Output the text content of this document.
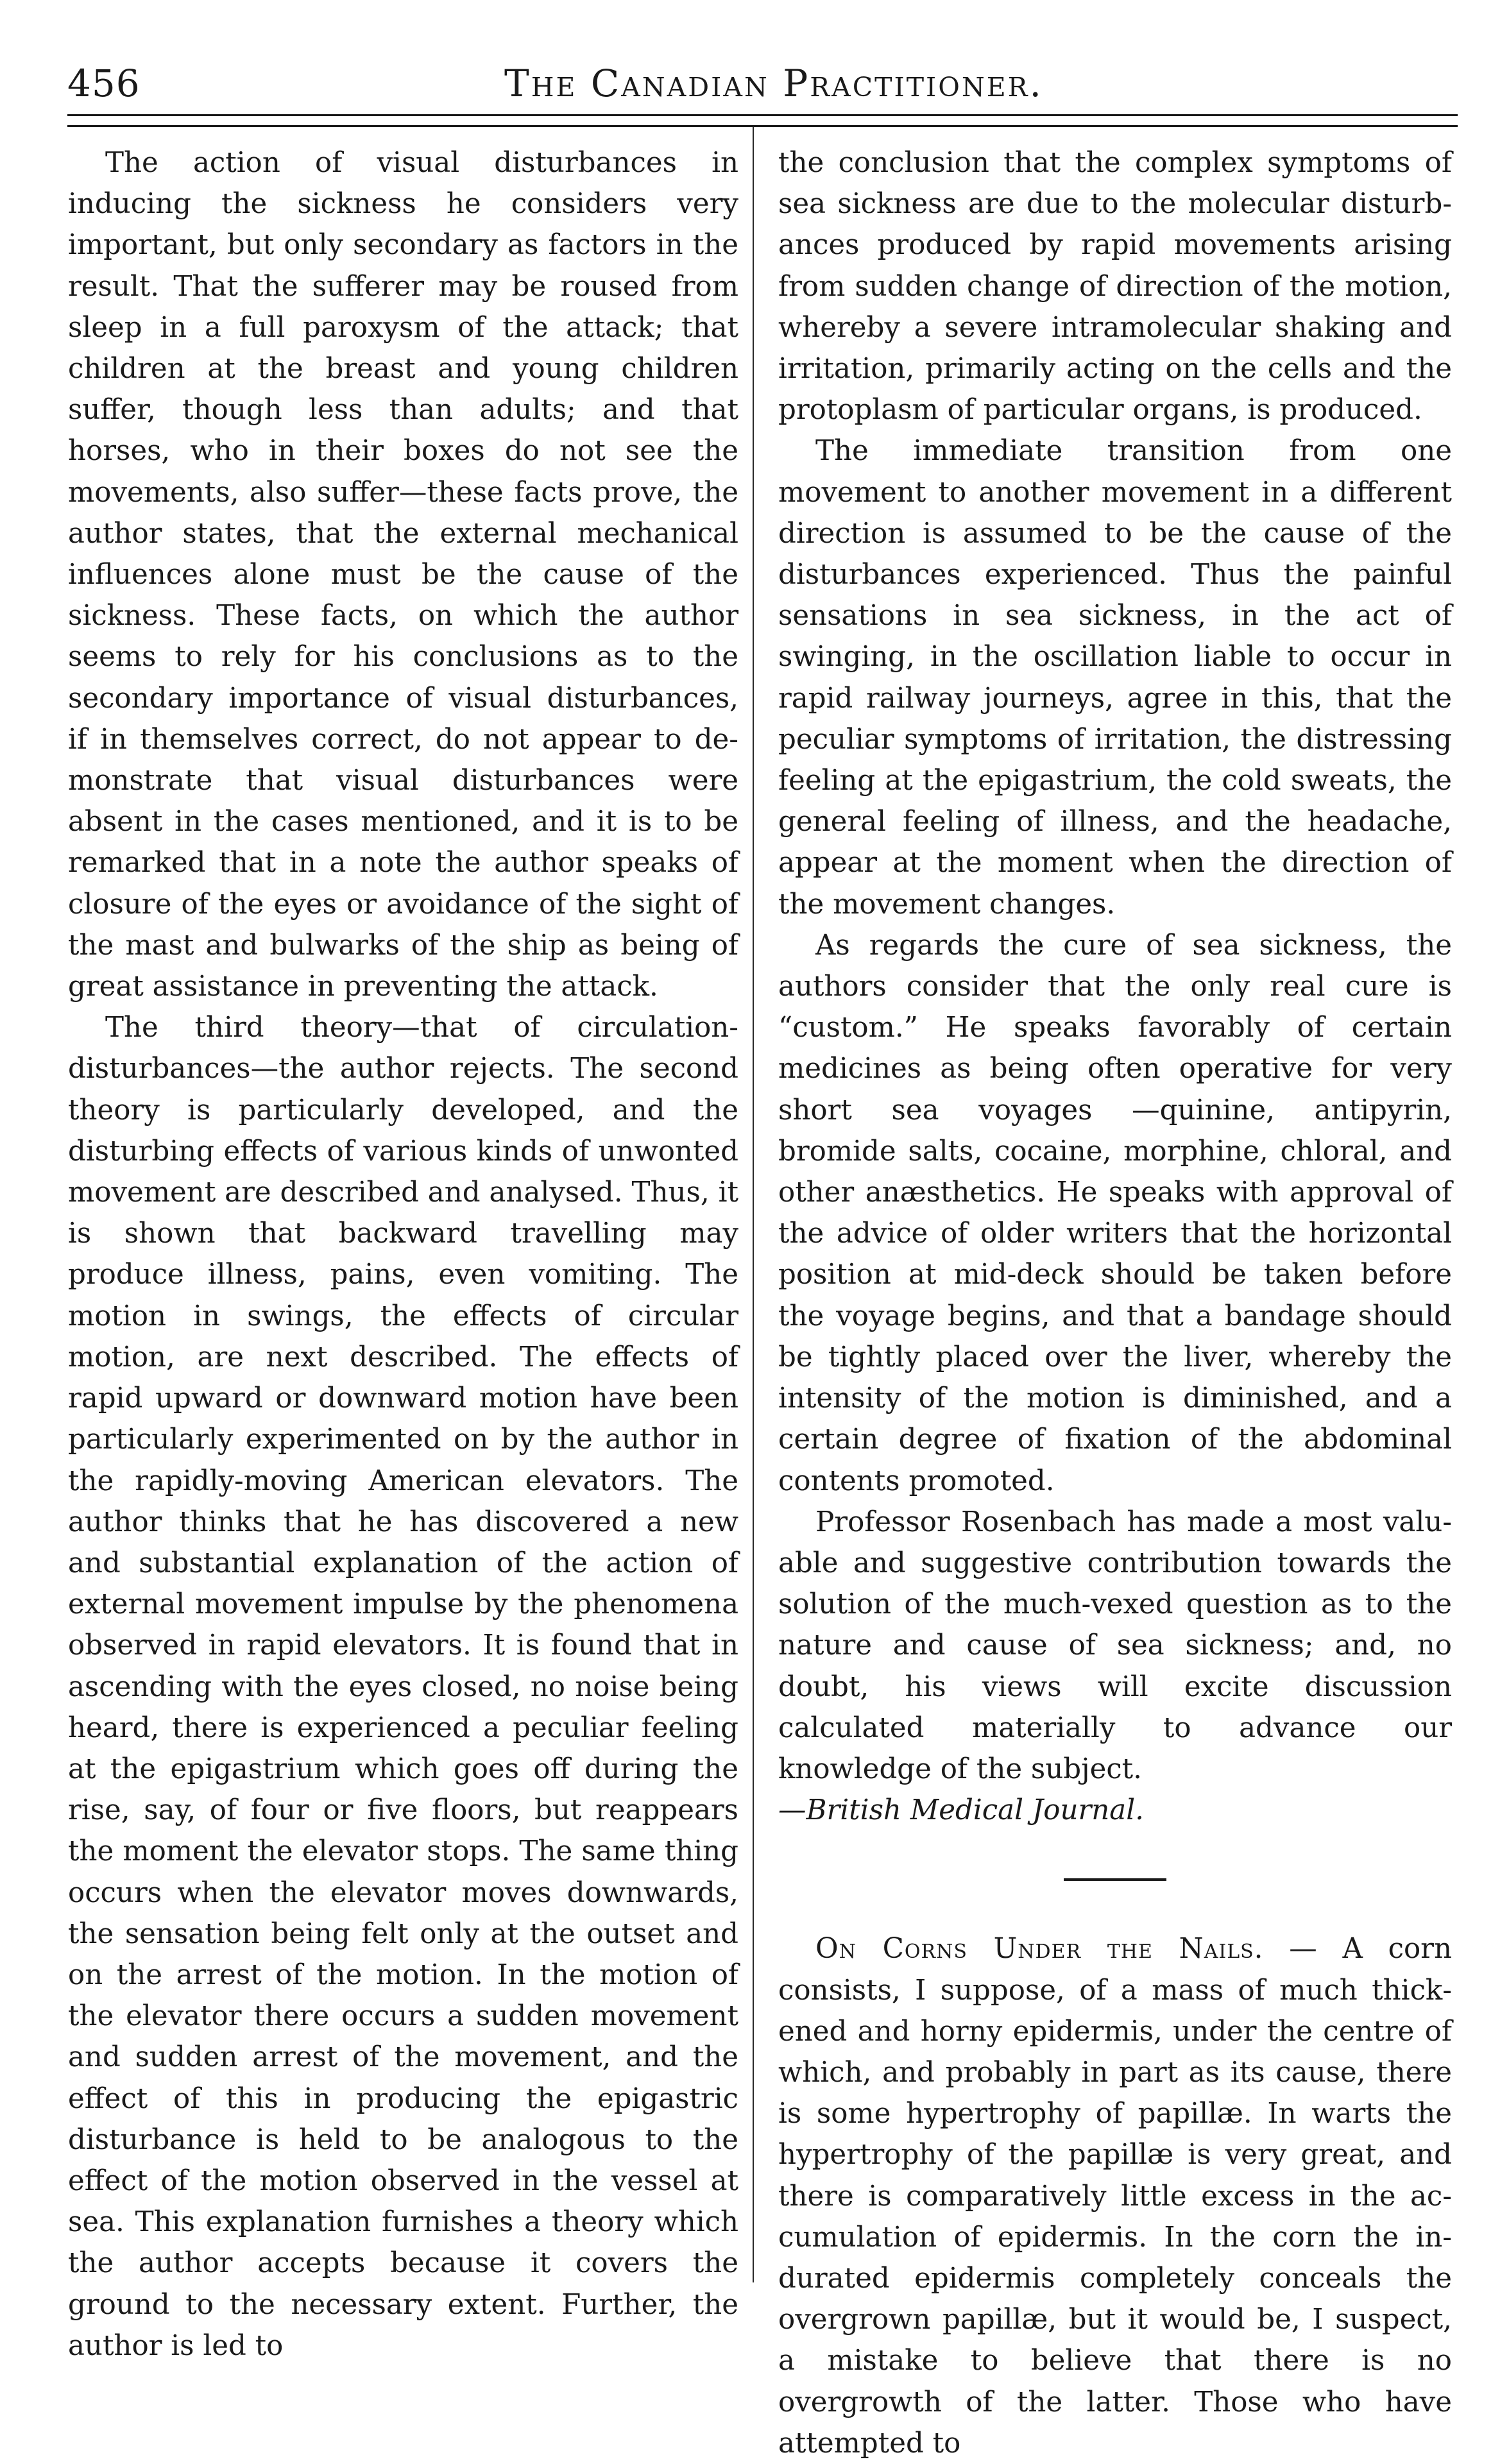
456	The Canadian Practitioner.

The action of visual disturbances in inducing the sickness he considers very important, but only secondary as factors in the result. That the sufferer may be roused from sleep in a full paroxysm of the attack; that children at the breast and young children suffer, though less than adults; and that horses, who in their boxes do not see the movements, also suffer—these facts prove, the author states, that the external mechanical influences alone must be the cause of the sickness. These facts, on which the author seems to rely for his conclusions as to the secondary importance of visual disturbances, if in themselves correct, do not appear to demonstrate that visual disturbances were absent in the cases mentioned, and it is to be remarked that in a note the author speaks of closure of the eyes or avoidance of the sight of the mast and bulwarks of the ship as being of great assistance in preventing the attack.

The third theory—that of circulation-disturbances—the author rejects. The second theory is particularly developed, and the disturbing effects of various kinds of unwonted movement are described and analysed. Thus, it is shown that backward travelling may produce illness, pains, even vomiting. The motion in swings, the effects of circular motion, are next described. The effects of rapid upward or downward motion have been particularly experimented on by the author in the rapidly-moving American elevators. The author thinks that he has discovered a new and substantial explanation of the action of external movement impulse by the phenomena observed in rapid elevators. It is found that in ascending with the eyes closed, no noise being heard, there is experienced a peculiar feeling at the epigastrium which goes off during the rise, say, of four or five floors, but reappears the moment the elevator stops. The same thing occurs when the elevator moves downwards, the sensation being felt only at the outset and on the arrest of the motion. In the motion of the elevator there occurs a sudden movement and sudden arrest of the movement, and the effect of this in producing the epigastric disturbance is held to be analogous to the effect of the motion observed in the vessel at sea. This explanation furnishes a theory which the author accepts because it covers the ground to the necessary extent. Further, the author is led to

the conclusion that the complex symptoms of sea sickness are due to the molecular disturbances produced by rapid movements arising from sudden change of direction of the motion, whereby a severe intramolecular shaking and irritation, primarily acting on the cells and the protoplasm of particular organs, is produced.

The immediate transition from one movement to another movement in a different direction is assumed to be the cause of the disturbances experienced. Thus the painful sensations in sea sickness, in the act of swinging, in the oscillation liable to occur in rapid railway journeys, agree in this, that the peculiar symptoms of irritation, the distressing feeling at the epigastrium, the cold sweats, the general feeling of illness, and the headache, appear at the moment when the direction of the movement changes.

As regards the cure of sea sickness, the authors consider that the only real cure is “custom.” He speaks favorably of certain medicines as being often operative for very short sea voyages —quinine, antipyrin, bromide salts, cocaine, morphine, chloral, and other anæsthetics. He speaks with approval of the advice of older writers that the horizontal position at mid-deck should be taken before the voyage begins, and that a bandage should be tightly placed over the liver, whereby the intensity of the motion is diminished, and a certain degree of fixation of the abdominal contents promoted.

Professor Rosenbach has made a most valuable and suggestive contribution towards the solution of the much-vexed question as to the nature and cause of sea sickness; and, no doubt, his views will excite discussion calculated materially to advance our knowledge of the subject.

—British Medical Journal.

On Corns Under the Nails. — A corn consists, I suppose, of a mass of much thickened and horny epidermis, under the centre of which, and probably in part as its cause, there is some hypertrophy of papillæ. In warts the hypertrophy of the papillæ is very great, and there is comparatively little excess in the accumulation of epidermis. In the corn the indurated epidermis completely conceals the overgrown papillæ, but it would be, I suspect, a mistake to believe that there is no overgrowth of the latter. Those who have attempted to
